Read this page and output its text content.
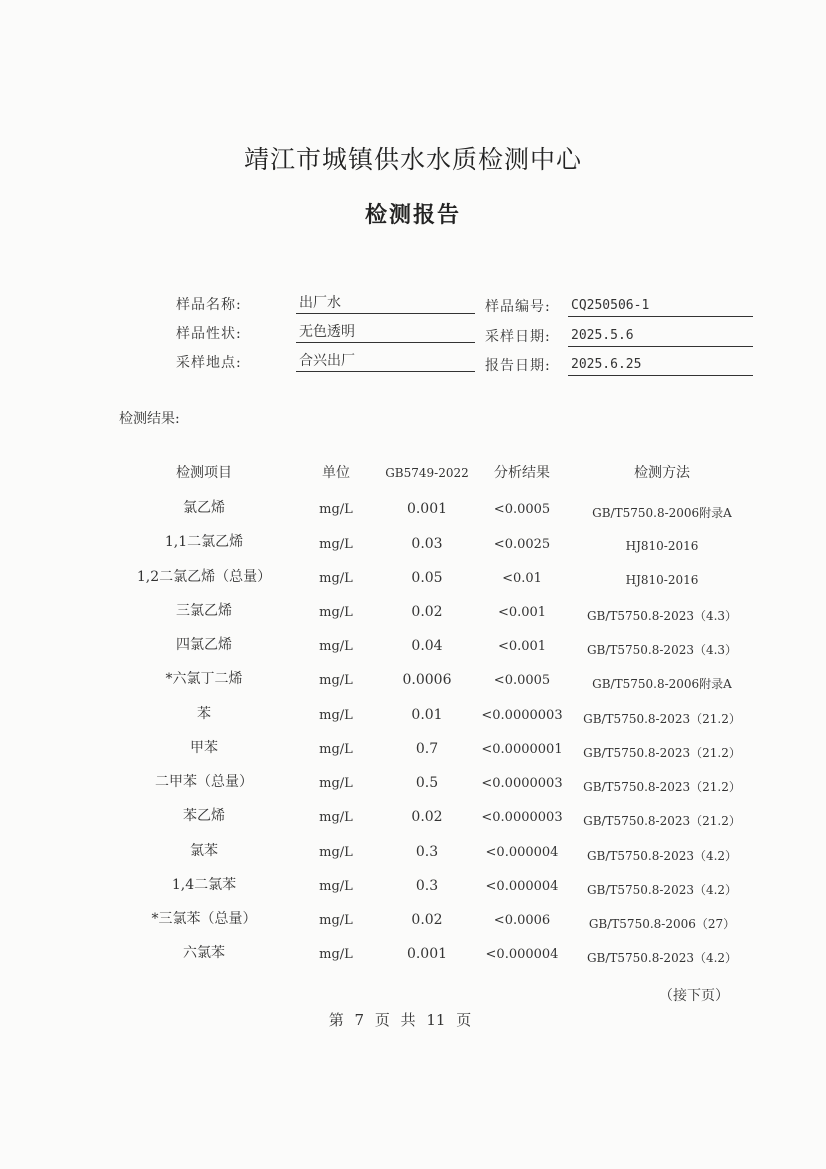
靖江市城镇供水水质检测中心
检测报告
样品名称:	出厂水	样品编号: CQ250506-1
样品性状:	无色透明	采样日期: 2025.5.6
采样地点:	合兴出厂	报告日期: 2025.6.25
检测结果:
检测项目	单位	GB5749-2022	分析结果	检测方法
氯乙烯	mg/L	0.001	<0.0005	GB/T5750.8-2006附录A
1,1二氯乙烯	mg/L	0.03	<0.0025	HJ810-2016
1,2二氯乙烯（总量）	mg/L	0.05	<0.01	HJ810-2016
三氯乙烯	mg/L	0.02	<0.001	GB/T5750.8-2023（4.3）
四氯乙烯	mg/L	0.04	<0.001	GB/T5750.8-2023（4.3）
*六氯丁二烯	mg/L	0.0006	<0.0005	GB/T5750.8-2006附录A
苯	mg/L	0.01	<0.0000003	GB/T5750.8-2023（21.2）
甲苯	mg/L	0.7	<0.0000001	GB/T5750.8-2023（21.2）
二甲苯（总量）	mg/L	0.5	<0.0000003	GB/T5750.8-2023（21.2）
苯乙烯	mg/L	0.02	<0.0000003	GB/T5750.8-2023（21.2）
氯苯	mg/L	0.3	<0.000004	GB/T5750.8-2023（4.2）
1,4二氯苯	mg/L	0.3	<0.000004	GB/T5750.8-2023（4.2）
*三氯苯（总量）	mg/L	0.02	<0.0006	GB/T5750.8-2006（27）
六氯苯	mg/L	0.001	<0.000004	GB/T5750.8-2023（4.2）
（接下页）
第 7 页 共 11 页
